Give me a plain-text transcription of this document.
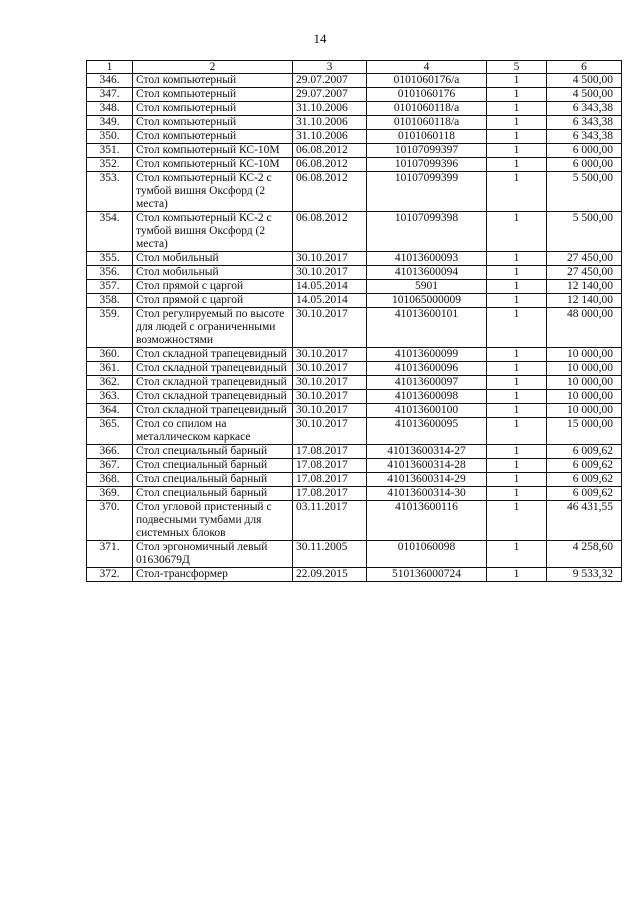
14
1	2	3	4	5	6
346.	Стол компьютерный	29.07.2007	0101060176/а	1	4 500,00
347.	Стол компьютерный	29.07.2007	0101060176	1	4 500,00
348.	Стол компьютерный	31.10.2006	0101060118/а	1	6 343,38
349.	Стол компьютерный	31.10.2006	0101060118/а	1	6 343,38
350.	Стол компьютерный	31.10.2006	0101060118	1	6 343,38
351.	Стол компьютерный КС-10М	06.08.2012	10107099397	1	6 000,00
352.	Стол компьютерный КС-10М	06.08.2012	10107099396	1	6 000,00
353.	Стол компьютерный КС-2 с тумбой вишня Оксфорд (2 места)	06.08.2012	10107099399	1	5 500,00
354.	Стол компьютерный КС-2 с тумбой вишня Оксфорд (2 места)	06.08.2012	10107099398	1	5 500,00
355.	Стол мобильный	30.10.2017	41013600093	1	27 450,00
356.	Стол мобильный	30.10.2017	41013600094	1	27 450,00
357.	Стол прямой с царгой	14.05.2014	5901	1	12 140,00
358.	Стол прямой с царгой	14.05.2014	101065000009	1	12 140,00
359.	Стол регулируемый по высоте для людей с ограниченными возможностями	30.10.2017	41013600101	1	48 000,00
360.	Стол складной трапецевидный	30.10.2017	41013600099	1	10 000,00
361.	Стол складной трапецевидный	30.10.2017	41013600096	1	10 000,00
362.	Стол складной трапецевидный	30.10.2017	41013600097	1	10 000,00
363.	Стол складной трапецевидный	30.10.2017	41013600098	1	10 000,00
364.	Стол складной трапецевидный	30.10.2017	41013600100	1	10 000,00
365.	Стол со спилом на металлическом каркасе	30.10.2017	41013600095	1	15 000,00
366.	Стол специальный барный	17.08.2017	41013600314-27	1	6 009,62
367.	Стол специальный барный	17.08.2017	41013600314-28	1	6 009,62
368.	Стол специальный барный	17.08.2017	41013600314-29	1	6 009,62
369.	Стол специальный барный	17.08.2017	41013600314-30	1	6 009,62
370.	Стол угловой пристенный с подвесными тумбами для системных блоков	03.11.2017	41013600116	1	46 431,55
371.	Стол эргономичный левый 01630679Д	30.11.2005	0101060098	1	4 258,60
372.	Стол-трансформер	22.09.2015	510136000724	1	9 533,32
